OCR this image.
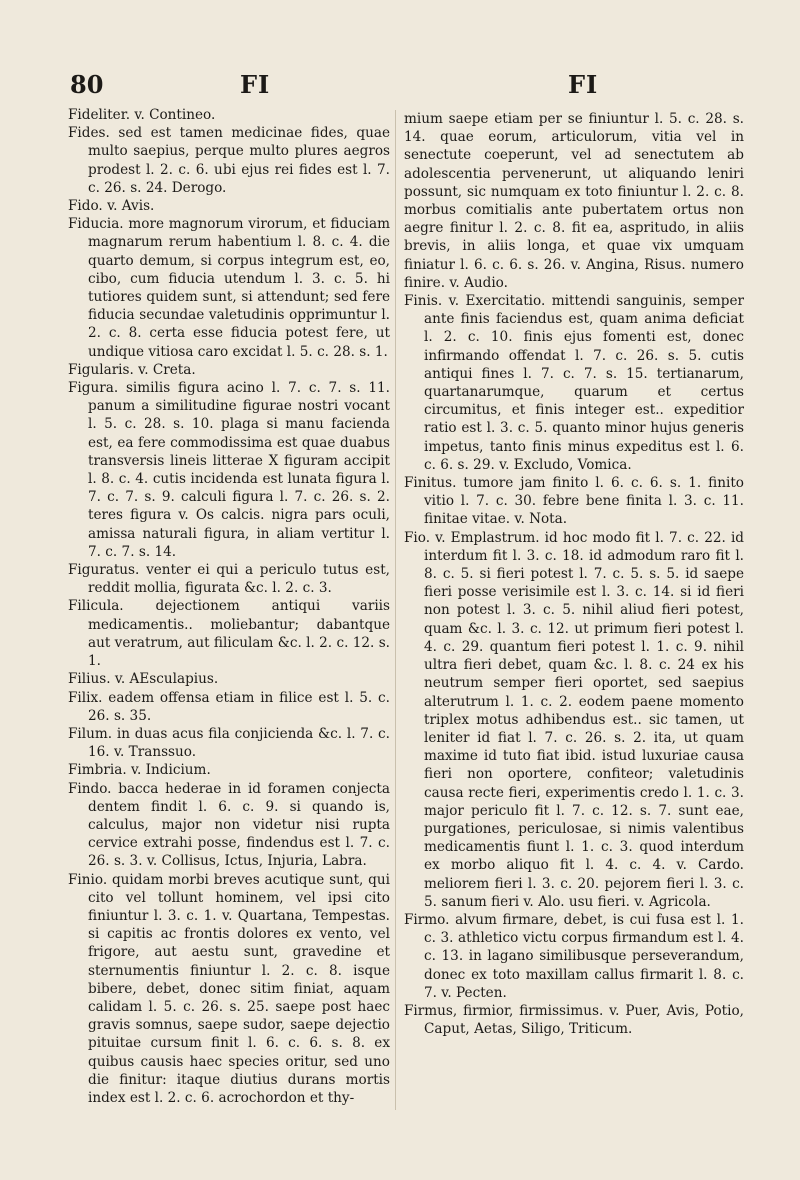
80	FI	FI

Fideliter. v. Contineo.

Fides. sed est tamen medicinae fides, quae multo saepius, perque multo plures aegros prodest l. 2. c. 6. ubi ejus rei fides est l. 7. c. 26. s. 24. Derogo.

Fido. v. Avis.

Fiducia. more magnorum virorum, et fiduciam magnarum rerum habentium l. 8. c. 4. die quarto demum, si corpus integrum est, eo, cibo, cum fiducia utendum l. 3. c. 5. hi tutiores quidem sunt, si attendunt; sed fere fiducia secundae valetudinis opprimuntur l. 2. c. 8. certa esse fiducia potest fere, ut undique vitiosa caro excidat l. 5. c. 28. s. 1.

Figularis. v. Creta.

Figura. similis figura acino l. 7. c. 7. s. 11. panum a similitudine figurae nostri vocant l. 5. c. 28. s. 10. plaga si manu facienda est, ea fere commodissima est quae duabus transversis lineis litterae X figuram accipit l. 8. c. 4. cutis incidenda est lunata figura l. 7. c. 7. s. 9. calculi figura l. 7. c. 26. s. 2. teres figura v. Os calcis. nigra pars oculi, amissa naturali figura, in aliam vertitur l. 7. c. 7. s. 14.

Figuratus. venter ei qui a periculo tutus est, reddit mollia, figurata &c. l. 2. c. 3.

Filicula. dejectionem antiqui variis medicamentis.. moliebantur; dabantque aut veratrum, aut filiculam &c. l. 2. c. 12. s. 1.

Filius. v. AEsculapius.

Filix. eadem offensa etiam in filice est l. 5. c. 26. s. 35.

Filum. in duas acus fila conjicienda &c. l. 7. c. 16. v. Transsuo.

Fimbria. v. Indicium.

Findo. bacca hederae in id foramen conjecta dentem findit l. 6. c. 9. si quando is, calculus, major non videtur nisi rupta cervice extrahi posse, findendus est l. 7. c. 26. s. 3. v. Collisus, Ictus, Injuria, Labra.

Finio. quidam morbi breves acutique sunt, qui cito vel tollunt hominem, vel ipsi cito finiuntur l. 3. c. 1. v. Quartana, Tempestas. si capitis ac frontis dolores ex vento, vel frigore, aut aestu sunt, gravedine et sternumentis finiuntur l. 2. c. 8. isque bibere, debet, donec sitim finiat, aquam calidam l. 5. c. 26. s. 25. saepe post haec gravis somnus, saepe sudor, saepe dejectio pituitae cursum finit l. 6. c. 6. s. 8. ex quibus causis haec species oritur, sed uno die finitur: itaque diutius durans mortis index est l. 2. c. 6. acrochordon et thy-

mium saepe etiam per se finiuntur l. 5. c. 28. s. 14. quae eorum, articulorum, vitia vel in senectute coeperunt, vel ad senectutem ab adolescentia pervenerunt, ut aliquando leniri possunt, sic numquam ex toto finiuntur l. 2. c. 8. morbus comitialis ante pubertatem ortus non aegre finitur l. 2. c. 8. fit ea, aspritudo, in aliis brevis, in aliis longa, et quae vix umquam finiatur l. 6. c. 6. s. 26. v. Angina, Risus. numero finire. v. Audio.

Finis. v. Exercitatio. mittendi sanguinis, semper ante finis faciendus est, quam anima deficiat l. 2. c. 10. finis ejus fomenti est, donec infirmando offendat l. 7. c. 26. s. 5. cutis antiqui fines l. 7. c. 7. s. 15. tertianarum, quartanarumque, quarum et certus circumitus, et finis integer est.. expeditior ratio est l. 3. c. 5. quanto minor hujus generis impetus, tanto finis minus expeditus est l. 6. c. 6. s. 29. v. Excludo, Vomica.

Finitus. tumore jam finito l. 6. c. 6. s. 1. finito vitio l. 7. c. 30. febre bene finita l. 3. c. 11. finitae vitae. v. Nota.

Fio. v. Emplastrum. id hoc modo fit l. 7. c. 22. id interdum fit l. 3. c. 18. id admodum raro fit l. 8. c. 5. si fieri potest l. 7. c. 5. s. 5. id saepe fieri posse verisimile est l. 3. c. 14. si id fieri non potest l. 3. c. 5. nihil aliud fieri potest, quam &c. l. 3. c. 12. ut primum fieri potest l. 4. c. 29. quantum fieri potest l. 1. c. 9. nihil ultra fieri debet, quam &c. l. 8. c. 24 ex his neutrum semper fieri oportet, sed saepius alterutrum l. 1. c. 2. eodem paene momento triplex motus adhibendus est.. sic tamen, ut leniter id fiat l. 7. c. 26. s. 2. ita, ut quam maxime id tuto fiat ibid. istud luxuriae causa fieri non oportere, confiteor; valetudinis causa recte fieri, experimentis credo l. 1. c. 3. major periculo fit l. 7. c. 12. s. 7. sunt eae, purgationes, periculosae, si nimis valentibus medicamentis fiunt l. 1. c. 3. quod interdum ex morbo aliquo fit l. 4. c. 4. v. Cardo. meliorem fieri l. 3. c. 20. pejorem fieri l. 3. c. 5. sanum fieri v. Alo. usu fieri. v. Agricola.

Firmo. alvum firmare, debet, is cui fusa est l. 1. c. 3. athletico victu corpus firmandum est l. 4. c. 13. in lagano similibusque perseverandum, donec ex toto maxillam callus firmarit l. 8. c. 7. v. Pecten.

Firmus, firmior, firmissimus. v. Puer, Avis, Potio, Caput, Aetas, Siligo, Triticum.
